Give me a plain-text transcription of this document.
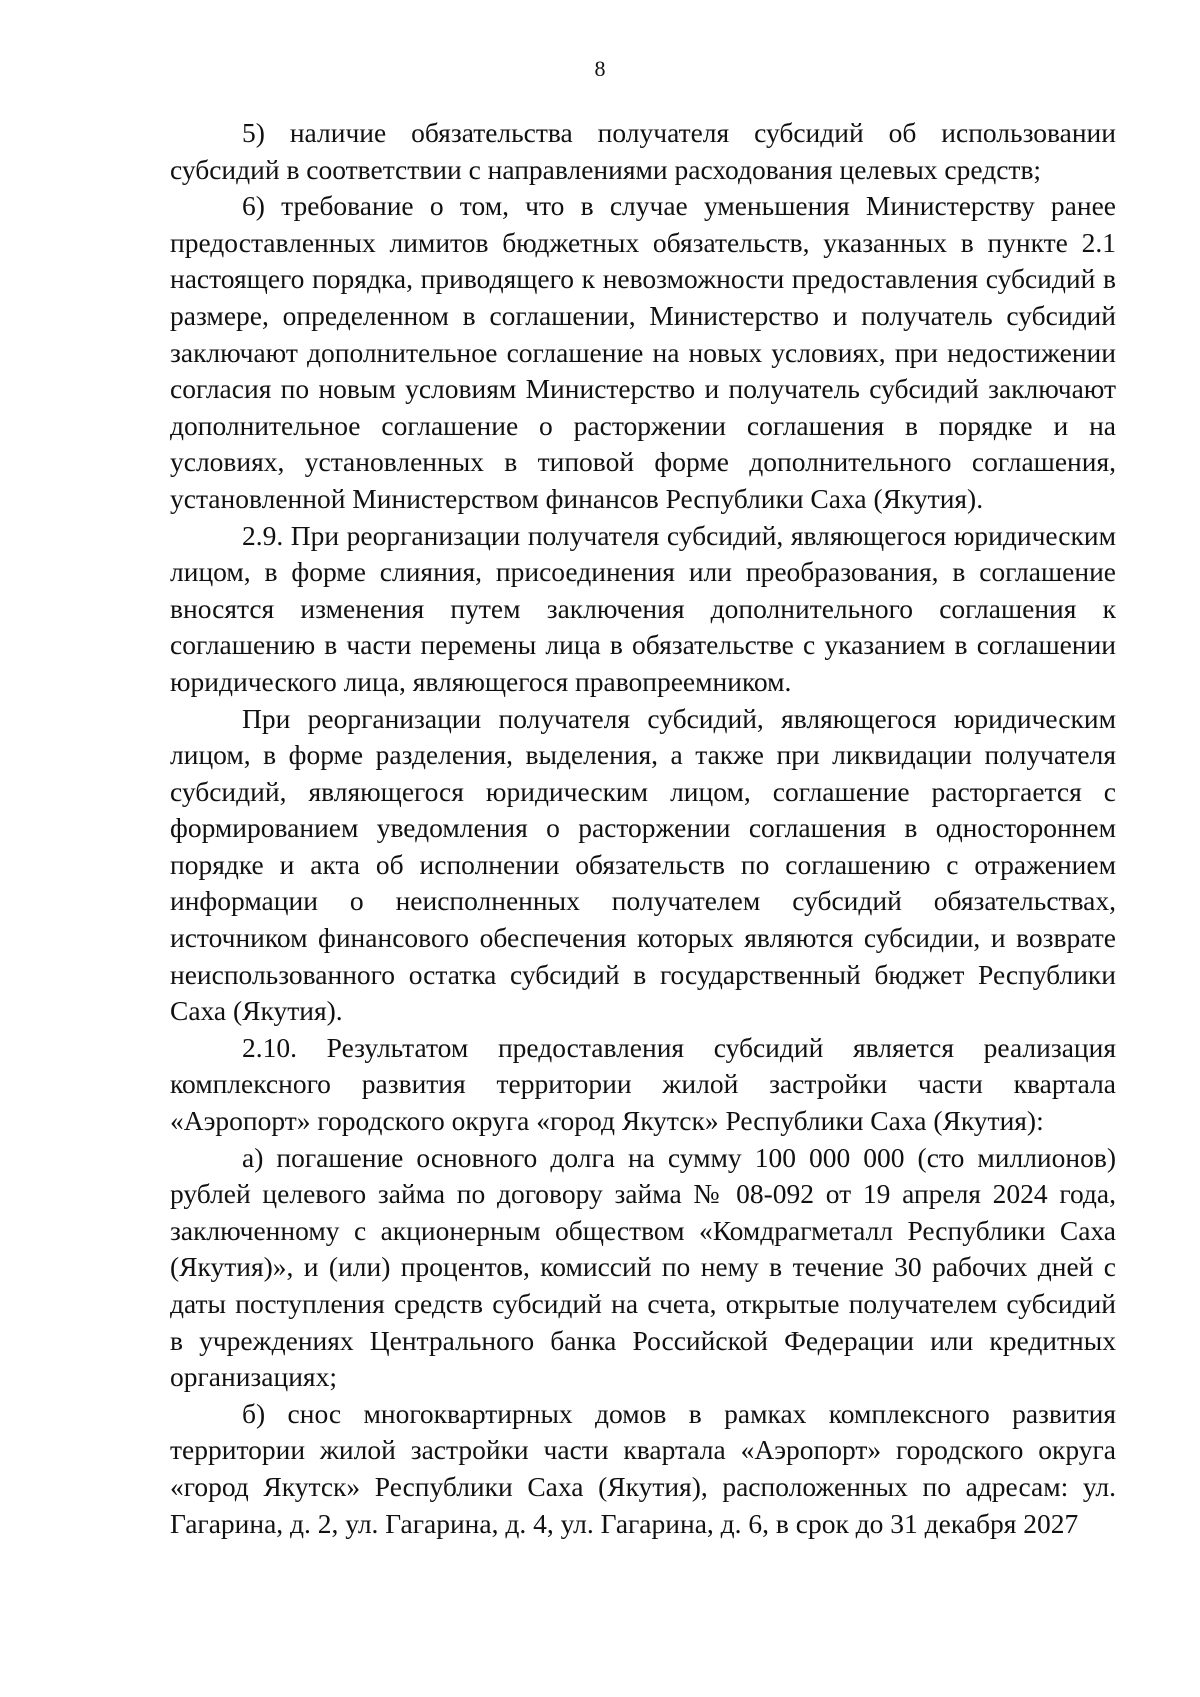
8

5) наличие обязательства получателя субсидий об использовании субсидий в соответствии с направлениями расходования целевых средств;

6) требование о том, что в случае уменьшения Министерству ранее предоставленных лимитов бюджетных обязательств, указанных в пункте 2.1 настоящего порядка, приводящего к невозможности предоставления субсидий в размере, определенном в соглашении, Министерство и получатель субсидий заключают дополнительное соглашение на новых условиях, при недостижении согласия по новым условиям Министерство и получатель субсидий заключают дополнительное соглашение о расторжении соглашения в порядке и на условиях, установленных в типовой форме дополнительного соглашения, установленной Министерством финансов Республики Саха (Якутия).

2.9. При реорганизации получателя субсидий, являющегося юридическим лицом, в форме слияния, присоединения или преобразования, в соглашение вносятся изменения путем заключения дополнительного соглашения к соглашению в части перемены лица в обязательстве с указанием в соглашении юридического лица, являющегося правопреемником.

При реорганизации получателя субсидий, являющегося юридическим лицом, в форме разделения, выделения, а также при ликвидации получателя субсидий, являющегося юридическим лицом, соглашение расторгается с формированием уведомления о расторжении соглашения в одностороннем порядке и акта об исполнении обязательств по соглашению с отражением информации о неисполненных получателем субсидий обязательствах, источником финансового обеспечения которых являются субсидии, и возврате неиспользованного остатка субсидий в государственный бюджет Республики Саха (Якутия).

2.10. Результатом предоставления субсидий является реализация комплексного развития территории жилой застройки части квартала «Аэропорт» городского округа «город Якутск» Республики Саха (Якутия):

а) погашение основного долга на сумму 100 000 000 (сто миллионов) рублей целевого займа по договору займа № 08-092 от 19 апреля 2024 года, заключенному с акционерным обществом «Комдрагметалл Республики Саха (Якутия)», и (или) процентов, комиссий по нему в течение 30 рабочих дней с даты поступления средств субсидий на счета, открытые получателем субсидий в учреждениях Центрального банка Российской Федерации или кредитных организациях;

б) снос многоквартирных домов в рамках комплексного развития территории жилой застройки части квартала «Аэропорт» городского округа «город Якутск» Республики Саха (Якутия), расположенных по адресам: ул. Гагарина, д. 2, ул. Гагарина, д. 4, ул. Гагарина, д. 6, в срок до 31 декабря 2027
